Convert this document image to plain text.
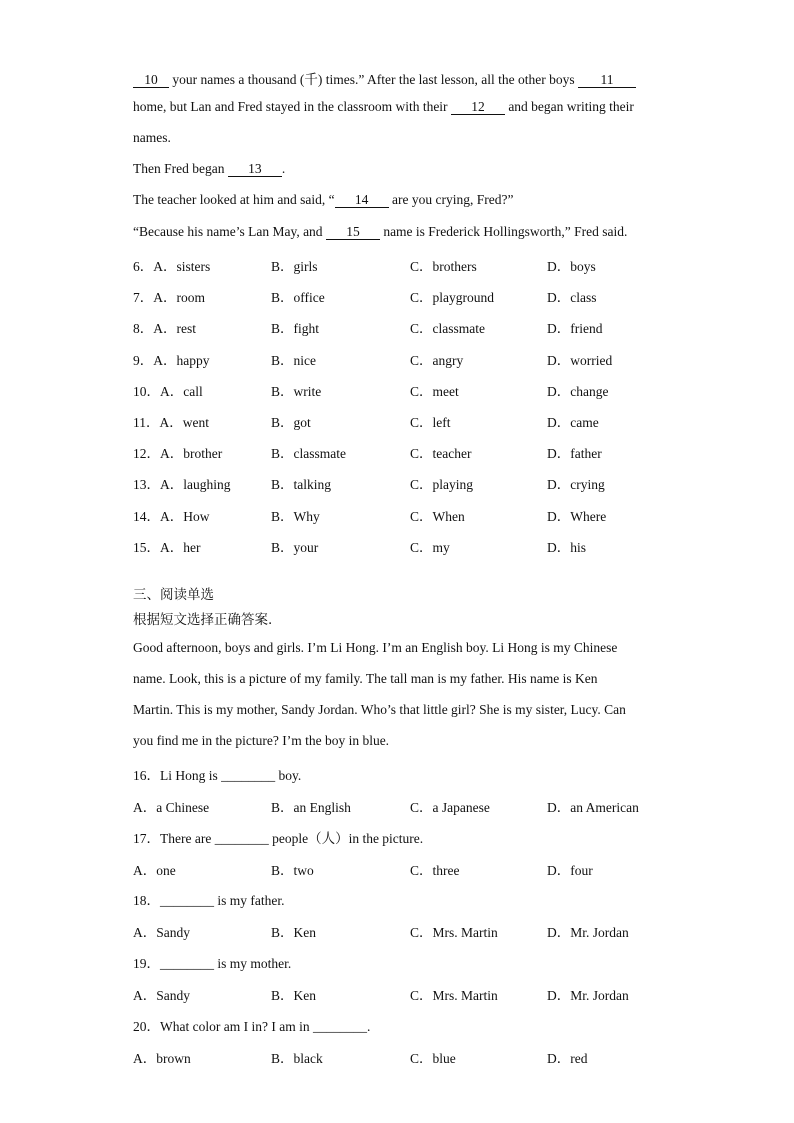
10 your names a thousand (千) times.” After the last lesson, all the other boys 11
home, but Lan and Fred stayed in the classroom with their 12 and began writing their
names.
Then Fred began 13 .
The teacher looked at him and said, “ 14 are you crying, Fred?”
“Because his name’s Lan May, and 15 name is Frederick Hollingsworth,” Fred said.
6．A．sisters	B．girls	C．brothers	D．boys
7．A．room	B．office	C．playground	D．class
8．A．rest	B．fight	C．classmate	D．friend
9．A．happy	B．nice	C．angry	D．worried
10．A．call	B．write	C．meet	D．change
11．A．went	B．got	C．left	D．came
12．A．brother	B．classmate	C．teacher	D．father
13．A．laughing	B．talking	C．playing	D．crying
14．A．How	B．Why	C．When	D．Where
15．A．her	B．your	C．my	D．his
三、阅读单选
根据短文选择正确答案.
Good afternoon, boys and girls. I’m Li Hong. I’m an English boy. Li Hong is my Chinese
name. Look, this is a picture of my family. The tall man is my father. His name is Ken
Martin. This is my mother, Sandy Jordan. Who’s that little girl? She is my sister, Lucy. Can
you find me in the picture? I’m the boy in blue.
16．Li Hong is ________ boy.
A．a Chinese	B．an English	C．a Japanese	D．an American
17．There are ________ people（人）in the picture.
A．one	B．two	C．three	D．four
18．________ is my father.
A．Sandy	B．Ken	C．Mrs. Martin	D．Mr. Jordan
19．________ is my mother.
A．Sandy	B．Ken	C．Mrs. Martin	D．Mr. Jordan
20．What color am I in? I am in ________.
A．brown	B．black	C．blue	D．red
